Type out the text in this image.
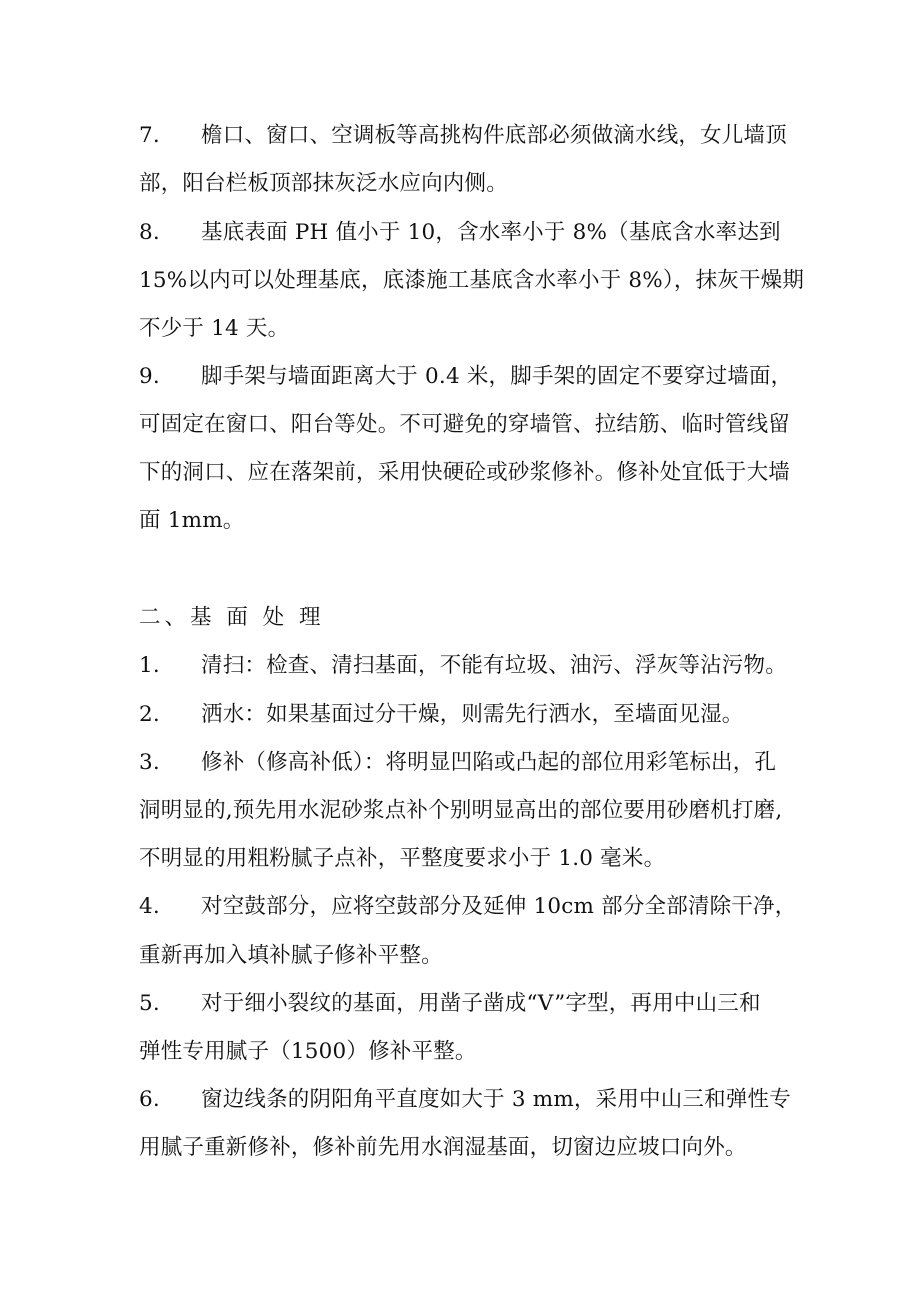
7. 檐口、窗口、空调板等高挑构件底部必须做滴水线，女儿墙顶
部，阳台栏板顶部抹灰泛水应向内侧。
8. 基底表面 PH 值小于 10，含水率小于 8%（基底含水率达到
15%以内可以处理基底，底漆施工基底含水率小于 8%），抹灰干燥期
不少于 14 天。
9. 脚手架与墙面距离大于 0.4 米，脚手架的固定不要穿过墙面，
可固定在窗口、阳台等处。不可避免的穿墙管、拉结筋、临时管线留
下的洞口、应在落架前，采用快硬砼或砂浆修补。修补处宜低于大墙
面 1mm。
二、基 面 处 理
1. 清扫：检查、清扫基面，不能有垃圾、油污、浮灰等沾污物。
2. 洒水：如果基面过分干燥，则需先行洒水，至墙面见湿。
3. 修补（修高补低）：将明显凹陷或凸起的部位用彩笔标出，孔
洞明显的,预先用水泥砂浆点补个别明显高出的部位要用砂磨机打磨,
不明显的用粗粉腻子点补，平整度要求小于 1.0 毫米。
4. 对空鼓部分，应将空鼓部分及延伸 10cm 部分全部清除干净，
重新再加入填补腻子修补平整。
5. 对于细小裂纹的基面，用凿子凿成“V”字型，再用中山三和
弹性专用腻子（1500）修补平整。
6. 窗边线条的阴阳角平直度如大于 3 mm，采用中山三和弹性专
用腻子重新修补，修补前先用水润湿基面，切窗边应坡口向外。
